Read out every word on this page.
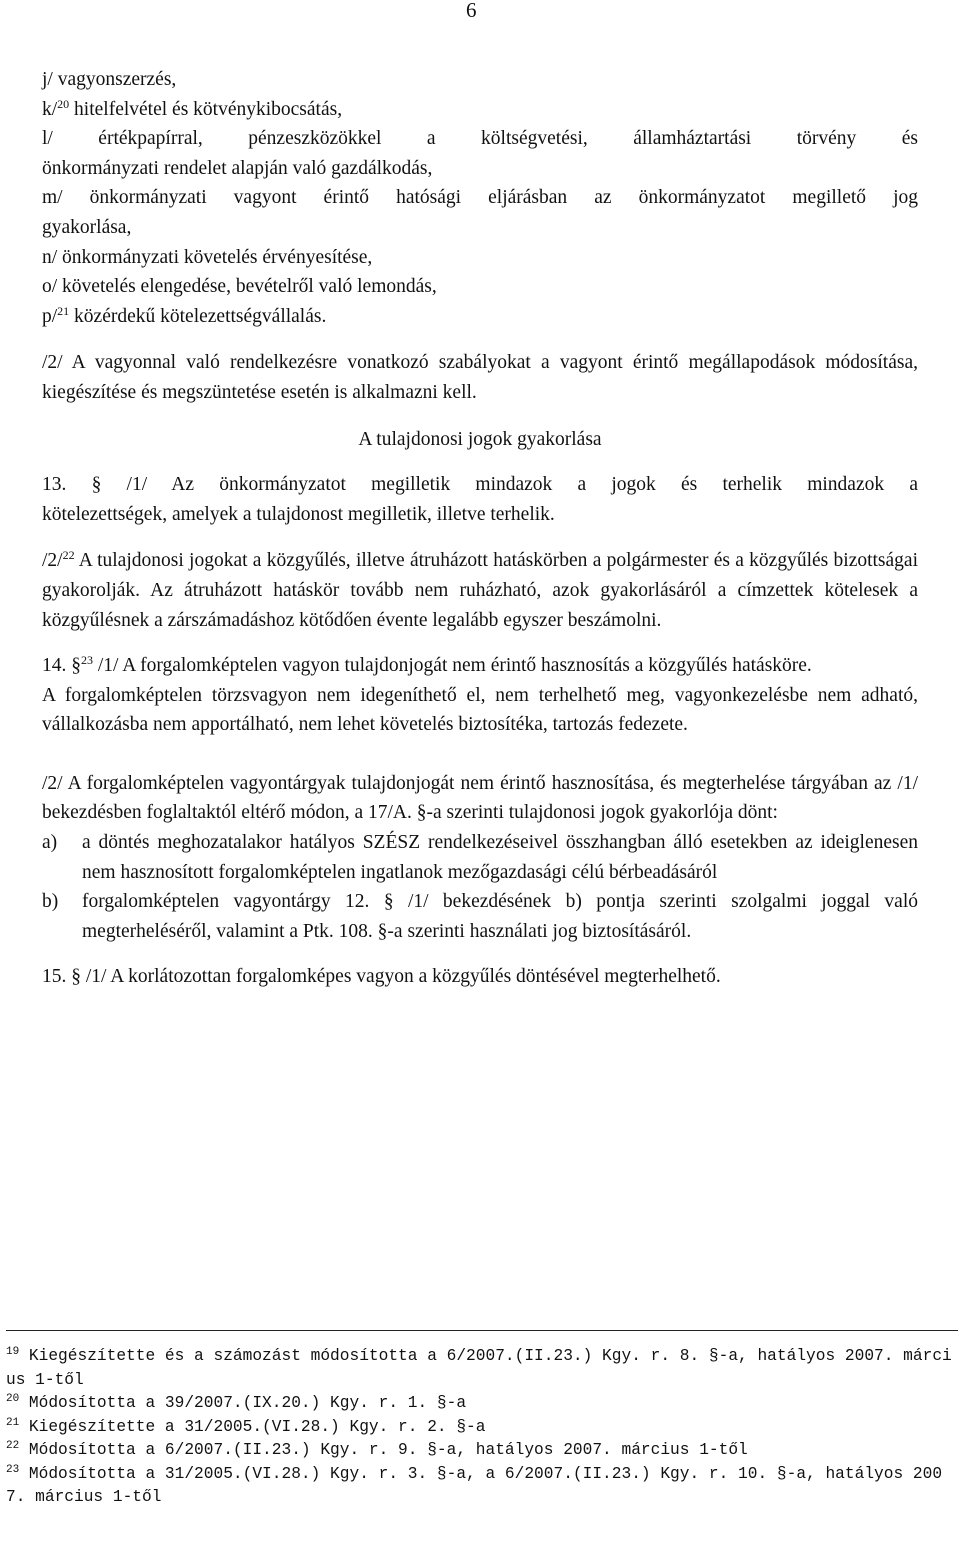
6

j/ vagyonszerzés,

k/$^{20}$ hitelfelvétel és kötvénykibocsátás,

l/ értékpapírral, pénzeszközökkel a költségvetési, államháztartási törvény és

önkormányzati rendelet alapján való gazdálkodás,

m/ önkormányzati vagyont érintő hatósági eljárásban az önkormányzatot megillető jog

gyakorlása,

n/ önkormányzati követelés érvényesítése,

o/ követelés elengedése, bevételről való lemondás,

p/$^{21}$ közérdekű kötelezettségvállalás.

/2/ A vagyonnal való rendelkezésre vonatkozó szabályokat a vagyont érintő megállapodások módosítása, kiegészítése és megszüntetése esetén is alkalmazni kell.

A tulajdonosi jogok gyakorlása

13. § /1/ Az önkormányzatot megilletik mindazok a jogok és terhelik mindazok a

kötelezettségek, amelyek a tulajdonost megilletik, illetve terhelik.

/2/$^{22}$ A tulajdonosi jogokat a közgyűlés, illetve átruházott hatáskörben a polgármester és a közgyűlés bizottságai gyakorolják. Az átruházott hatáskör tovább nem ruházható, azok gyakorlásáról a címzettek kötelesek a közgyűlésnek a zárszámadáshoz kötődően évente legalább egyszer beszámolni.

14. §$^{23}$ /1/ A forgalomképtelen vagyon tulajdonjogát nem érintő hasznosítás a közgyűlés hatásköre.

A forgalomképtelen törzsvagyon nem idegeníthető el, nem terhelhető meg, vagyonkezelésbe nem adható, vállalkozásba nem apportálható, nem lehet követelés biztosítéka, tartozás fedezete.

/2/ A forgalomképtelen vagyontárgyak tulajdonjogát nem érintő hasznosítása, és megterhelése tárgyában az /1/ bekezdésben foglaltaktól eltérő módon, a 17/A. §-a szerinti tulajdonosi jogok gyakorlója dönt:

a)	a döntés meghozatalakor hatályos SZÉSZ rendelkezéseivel összhangban álló esetekben az ideiglenesen nem hasznosított forgalomképtelen ingatlanok mezőgazdasági célú bérbeadásáról
b)	forgalomképtelen vagyontárgy 12. § /1/ bekezdésének b) pontja szerinti szolgalmi joggal való megterheléséről, valamint a Ptk. 108. §-a szerinti használati jog biztosításáról.

15. § /1/ A korlátozottan forgalomképes vagyon a közgyűlés döntésével megterhelhető.

$^{19}$ Kiegészítette és a számozást módosította a 6/2007.(II.23.) Kgy. r. 8. §-a, hatályos 2007. március 1-től

$^{20}$ Módosította a 39/2007.(IX.20.) Kgy. r. 1. §-a

$^{21}$ Kiegészítette a 31/2005.(VI.28.) Kgy. r. 2. §-a

$^{22}$ Módosította a 6/2007.(II.23.) Kgy. r. 9. §-a, hatályos 2007. március 1-től

$^{23}$ Módosította a 31/2005.(VI.28.) Kgy. r. 3. §-a, a 6/2007.(II.23.) Kgy. r. 10. §-a, hatályos 2007. március 1-től
